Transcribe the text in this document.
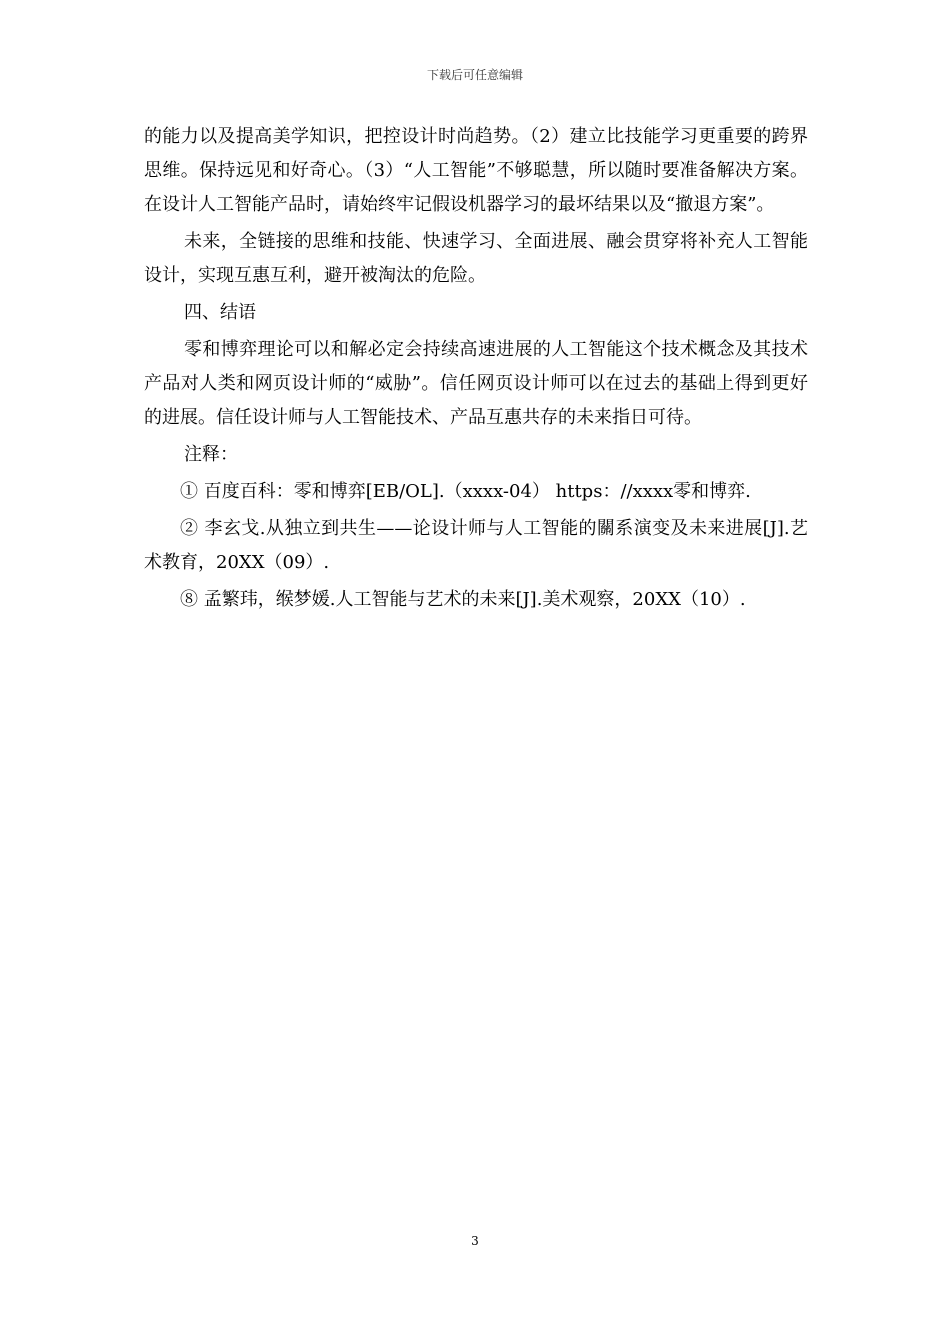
下载后可任意编辑

的能力以及提高美学知识，把控设计时尚趋势。（2）建立比技能学习更重要的跨界思维。保持远见和好奇心。（3）“人工智能”不够聪慧，所以随时要准备解决方案。在设计人工智能产品时，请始终牢记假设机器学习的最坏结果以及“撤退方案”。

未来，全链接的思维和技能、快速学习、全面进展、融会贯穿将补充人工智能设计，实现互惠互利，避开被淘汰的危险。

四、结语

零和博弈理论可以和解必定会持续高速进展的人工智能这个技术概念及其技术产品对人类和网页设计师的“威胁”。信任网页设计师可以在过去的基础上得到更好的进展。信任设计师与人工智能技术、产品互惠共存的未来指日可待。

注释：

① 百度百科：零和博弈[EB/OL].（xxxx-04） https：//xxxx零和博弈.

② 李玄戈.从独立到共生——论设计师与人工智能的關系演变及未来进展[J].艺术教育，20XX（09）.

⑧ 孟繁玮，缑梦媛.人工智能与艺术的未来[J].美术观察，20XX（10）.

3
